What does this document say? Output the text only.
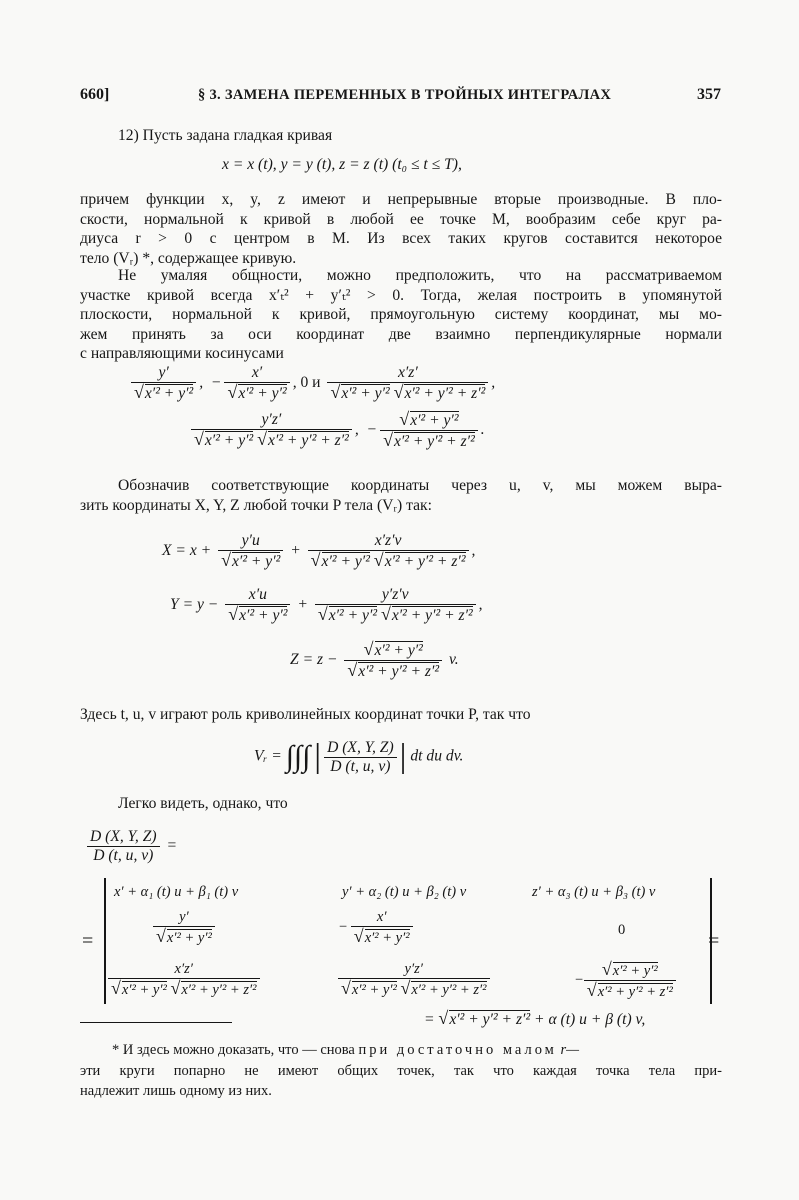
660]	§ 3. ЗАМЕНА ПЕРЕМЕННЫХ В ТРОЙНЫХ ИНТЕГРАЛАХ	357
12) Пусть задана гладкая кривая
x = x (t), y = y (t), z = z (t) (t₀ ≤ t ≤ T),
причем функции x, y, z имеют и непрерывные вторые производные. В пло-
скости, нормальной к кривой в любой ее точке M, вообразим себе круг ра-
диуса r > 0 с центром в M. Из всех таких кругов составится некоторое
тело (Vᵣ) *, содержащее кривую.
Не умаляя общности, можно предположить, что на рассматриваемом
участке кривой всегда x′ₜ² + y′ₜ² > 0. Тогда, желая построить в упомянутой
плоскости, нормальной к кривой, прямоугольную систему координат, мы мо-
жем принять за оси координат две взаимно перпендикулярные нормали
с направляющими косинусами
$\frac{y'}{\text{√x′² + y′²}}$ ,  − $\frac{x'}{\text{√x′² + y′²}}$ , 0 и $\frac{x'z'}{\text{√x′² + y′² √x′² + y′² + z′²}}$ ,
$\frac{y'z'}{\text{√x′² + y′² √x′² + y′² + z′²}}$ ,  − $\frac{\text{√x′² + y′²}}{\text{√x′² + y′² + z′²}}$ .
Обозначив соответствующие координаты через u, v, мы можем выра-
зить координаты X, Y, Z любой точки P тела (Vᵣ) так:
$X = x + \frac{y'u}{\text{√x′² + y′²}} + \frac{x'z'v}{\text{√x′² + y′² √x′² + y′² + z′²}}$ ,
$Y = y - \frac{x'u}{\text{√x′² + y′²}} + \frac{y'z'v}{\text{√x′² + y′² √x′² + y′² + z′²}}$ ,
$Z = z - \frac{\text{√x′² + y′²}}{\text{√x′² + y′² + z′²}} v$.
Здесь t, u, v играют роль криволинейных координат точки P, так что
Vᵣ = ∫∫∫ | $\frac{D (X, Y, Z)}{D (t, u, v)}$ | dt du dv.
Легко видеть, однако, что
$\frac{D (X, Y, Z)}{D (t, u, v)}$ =
=
x′ + α₁ (t) u + β₁ (t) v	y′ + α₂ (t) u + β₂ (t) v	z′ + α₃ (t) u + β₃ (t) v
$\frac{y'}{\text{√x′² + y′²}}$	− $\frac{x'}{\text{√x′² + y′²}}$	0
$\frac{x'z'}{\text{√x′² + y′² √x′² + y′² + z′²}}$	$\frac{y'z'}{\text{√x′² + y′² √x′² + y′² + z′²}}$	− $\frac{\text{√x′² + y′²}}{\text{√x′² + y′² + z′²}}$
=
= √x′² + y′² + z′² + α (t) u + β (t) v,
* И здесь можно доказать, что — снова при достаточно малом r—
эти круги попарно не имеют общих точек, так что каждая точка тела при-
надлежит лишь одному из них.
